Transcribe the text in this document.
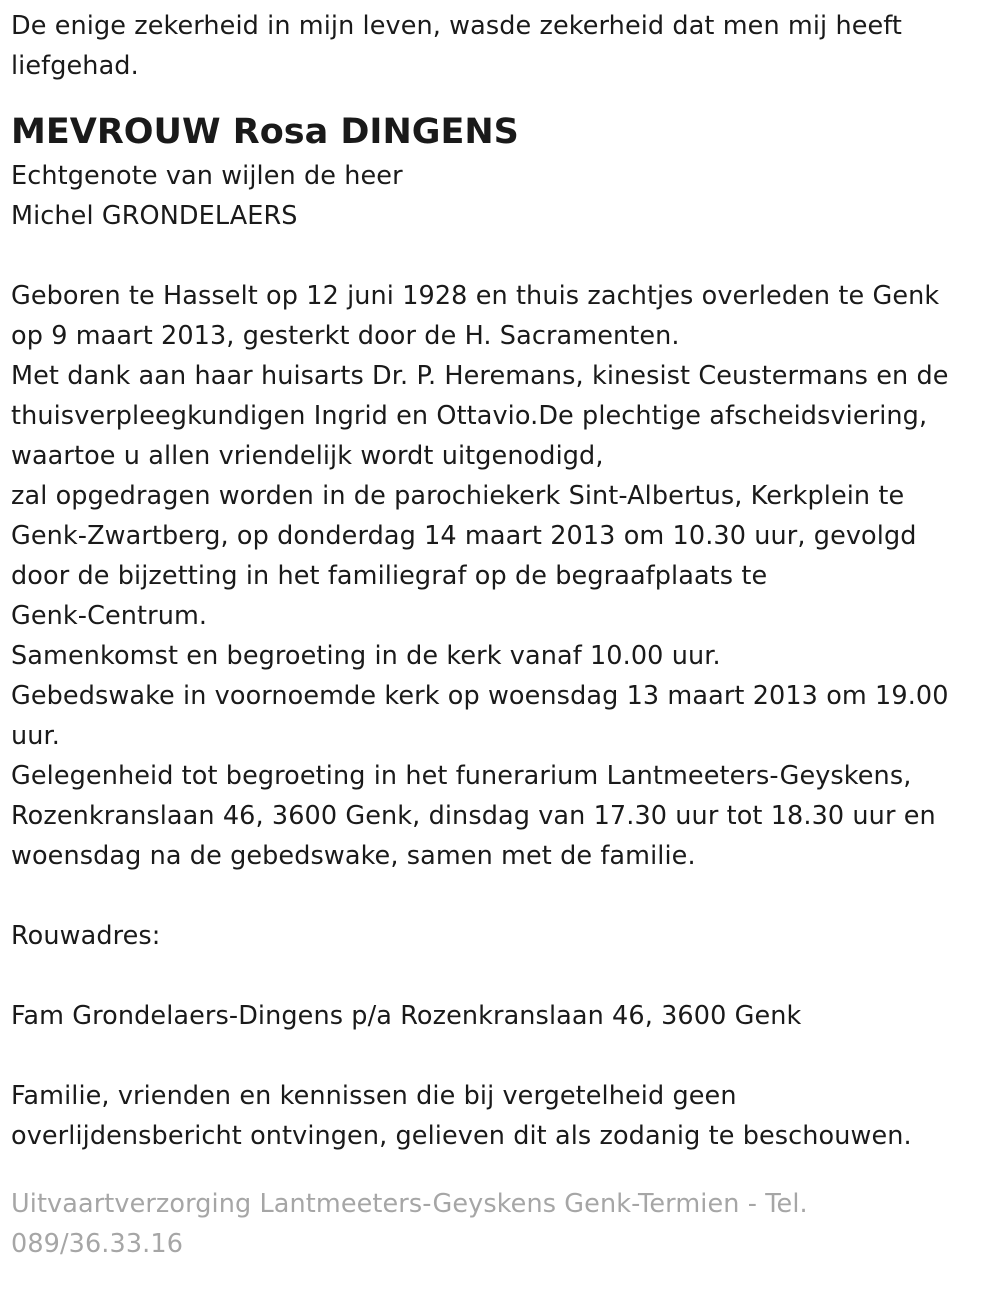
De enige zekerheid in mijn leven, wasde zekerheid dat men mij heeft

liefgehad.

MEVROUW Rosa DINGENS

Echtgenote van wijlen de heer

Michel GRONDELAERS

Geboren te Hasselt op 12 juni 1928 en thuis zachtjes overleden te Genk

op 9 maart 2013, gesterkt door de H. Sacramenten.

Met dank aan haar huisarts Dr. P. Heremans, kinesist Ceustermans en de

thuisverpleegkundigen Ingrid en Ottavio.De plechtige afscheidsviering,

waartoe u allen vriendelijk wordt uitgenodigd,

zal opgedragen worden in de parochiekerk Sint-Albertus, Kerkplein te

Genk-Zwartberg, op donderdag 14 maart 2013 om 10.30 uur, gevolgd

door de bijzetting in het familiegraf op de begraafplaats te

Genk-Centrum.

Samenkomst en begroeting in de kerk vanaf 10.00 uur.

Gebedswake in voornoemde kerk op woensdag 13 maart 2013 om 19.00

uur.

Gelegenheid tot begroeting in het funerarium Lantmeeters-Geyskens,

Rozenkranslaan 46, 3600 Genk, dinsdag van 17.30 uur tot 18.30 uur en

woensdag na de gebedswake, samen met de familie.

Rouwadres:

Fam Grondelaers-Dingens p/a Rozenkranslaan 46, 3600 Genk

Familie, vrienden en kennissen die bij vergetelheid geen

overlijdensbericht ontvingen, gelieven dit als zodanig te beschouwen.

Uitvaartverzorging Lantmeeters-Geyskens Genk-Termien - Tel.

089/36.33.16
